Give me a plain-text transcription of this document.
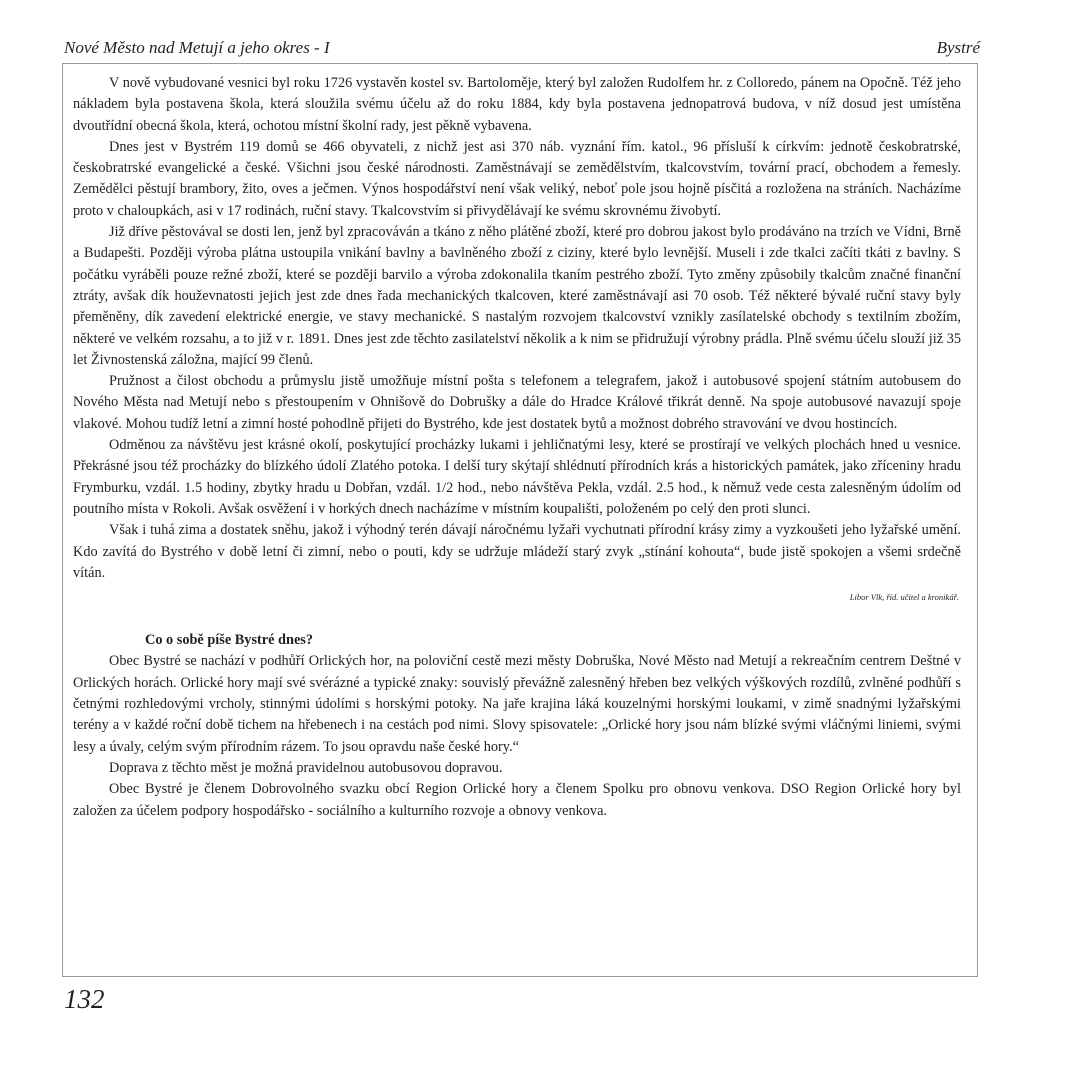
Nové Město nad Metují a jeho okres - I	Bystré

V nově vybudované vesnici byl roku 1726 vystavěn kostel sv. Bartoloměje, který byl založen Rudolfem hr. z Colloredo, pánem na Opočně. Též jeho nákladem byla postavena škola, která sloužila svému účelu až do roku 1884, kdy byla postavena jednopatrová budova, v níž dosud jest umístěna dvoutřídní obecná škola, která, ochotou místní školní rady, jest pěkně vybavena.

Dnes jest v Bystrém 119 domů se 466 obyvateli, z nichž jest asi 370 náb. vyznání řím. katol., 96 přísluší k církvím: jednotě českobratrské, českobratrské evangelické a české. Všichni jsou české národnosti. Zaměstnávají se zemědělstvím, tkalcovstvím, tovární prací, obchodem a řemesly. Zemědělci pěstují brambory, žito, oves a ječmen. Výnos hospodářství není však veliký, neboť pole jsou hojně písčitá a rozložena na stráních. Nacházíme proto v chaloupkách, asi v 17 rodinách, ruční stavy. Tkalcovstvím si přivydělávají ke svému skrovnému živobytí.

Již dříve pěstovával se dosti len, jenž byl zpracováván a tkáno z něho plátěné zboží, které pro dobrou jakost bylo prodáváno na trzích ve Vídni, Brně a Budapešti. Později výroba plátna ustoupila vnikání bavlny a bavlněného zboží z ciziny, které bylo levnější. Museli i zde tkalci začíti tkáti z bavlny. S počátku vyráběli pouze režné zboží, které se později barvilo a výroba zdokonalila tkaním pestrého zboží. Tyto změny způsobily tkalcům značné finanční ztráty, avšak dík houževnatosti jejich jest zde dnes řada mechanických tkalcoven, které zaměstnávají asi 70 osob. Též některé bývalé ruční stavy byly přeměněny, dík zavedení elektrické energie, ve stavy mechanické. S nastalým rozvojem tkalcovství vznikly zasílatelské obchody s textilním zbožím, některé ve velkém rozsahu, a to již v r. 1891. Dnes jest zde těchto zasilatelství několik a k nim se přidružují výrobny prádla. Plně svému účelu slouží již 35 let Živnostenská záložna, mající 99 členů.

Pružnost a čilost obchodu a průmyslu jistě umožňuje místní pošta s telefonem a telegrafem, jakož i autobusové spojení státním autobusem do Nového Města nad Metují nebo s přestoupením v Ohnišově do Dobrušky a dále do Hradce Králové třikrát denně. Na spoje autobusové navazují spoje vlakové. Mohou tudíž letní a zimní hosté pohodlně přijeti do Bystrého, kde jest dostatek bytů a možnost dobrého stravování ve dvou hostincích.

Odměnou za návštěvu jest krásné okolí, poskytující procházky lukami i jehličnatými lesy, které se prostírají ve velkých plochách hned u vesnice. Překrásné jsou též procházky do blízkého údolí Zlatého potoka. I delší tury skýtají shlédnutí přírodních krás a historických památek, jako zříceniny hradu Frymburku, vzdál. 1.5 hodiny, zbytky hradu u Dobřan, vzdál. 1/2 hod., nebo návštěva Pekla, vzdál. 2.5 hod., k němuž vede cesta zalesněným údolím od poutního místa v Rokoli. Avšak osvěžení i v horkých dnech nacházíme v místním koupališti, položeném po celý den proti slunci.

Však i tuhá zima a dostatek sněhu, jakož i výhodný terén dávají náročnému lyžaři vychutnati přírodní krásy zimy a vyzkoušeti jeho lyžařské umění. Kdo zavítá do Bystrého v době letní či zimní, nebo o pouti, kdy se udržuje mládeží starý zvyk „stínání kohouta“, bude jistě spokojen a všemi srdečně vítán.

Libor Vlk, říd. učitel a kronikář.

Co o sobě píše Bystré dnes?

Obec Bystré se nachází v podhůří Orlických hor, na poloviční cestě mezi městy Dobruška, Nové Město nad Metují a rekreačním centrem Deštné v Orlických horách. Orlické hory mají své svérázné a typické znaky: souvislý převážně zalesněný hřeben bez velkých výškových rozdílů, zvlněné podhůří s četnými rozhledovými vrcholy, stinnými údolími s horskými potoky. Na jaře krajina láká kouzelnými horskými loukami, v zimě snadnými lyžařskými terény a v každé roční době tichem na hřebenech i na cestách pod nimi. Slovy spisovatele: „Orlické hory jsou nám blízké svými vláčnými liniemi, svými lesy a úvaly, celým svým přírodním rázem. To jsou opravdu naše české hory.“

Doprava z těchto měst je možná pravidelnou autobusovou dopravou.

Obec Bystré je členem Dobrovolného svazku obcí Region Orlické hory a členem Spolku pro obnovu venkova. DSO Region Orlické hory byl založen za účelem podpory hospodářsko - sociálního a kulturního rozvoje a obnovy venkova.

132
